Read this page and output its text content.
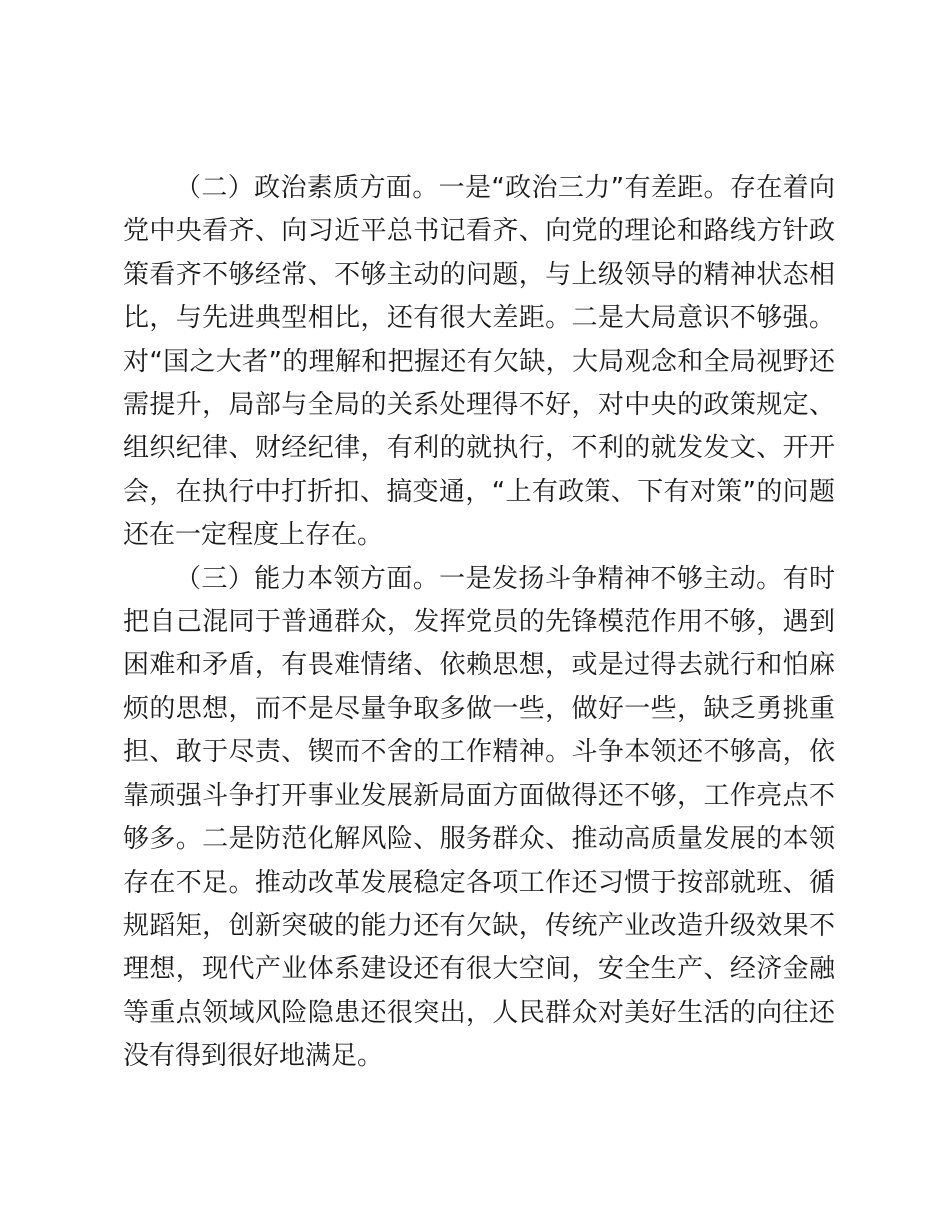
（二）政治素质方面。一是“政治三力”有差距。存在着向党中央看齐、向习近平总书记看齐、向党的理论和路线方针政策看齐不够经常、不够主动的问题，与上级领导的精神状态相比，与先进典型相比，还有很大差距。二是大局意识不够强。对“国之大者”的理解和把握还有欠缺，大局观念和全局视野还需提升，局部与全局的关系处理得不好，对中央的政策规定、组织纪律、财经纪律，有利的就执行，不利的就发发文、开开会，在执行中打折扣、搞变通，“上有政策、下有对策”的问题还在一定程度上存在。

（三）能力本领方面。一是发扬斗争精神不够主动。有时把自己混同于普通群众，发挥党员的先锋模范作用不够，遇到困难和矛盾，有畏难情绪、依赖思想，或是过得去就行和怕麻烦的思想，而不是尽量争取多做一些，做好一些，缺乏勇挑重担、敢于尽责、锲而不舍的工作精神。斗争本领还不够高，依靠顽强斗争打开事业发展新局面方面做得还不够，工作亮点不够多。二是防范化解风险、服务群众、推动高质量发展的本领存在不足。推动改革发展稳定各项工作还习惯于按部就班、循规蹈矩，创新突破的能力还有欠缺，传统产业改造升级效果不理想，现代产业体系建设还有很大空间，安全生产、经济金融等重点领域风险隐患还很突出，人民群众对美好生活的向往还没有得到很好地满足。
